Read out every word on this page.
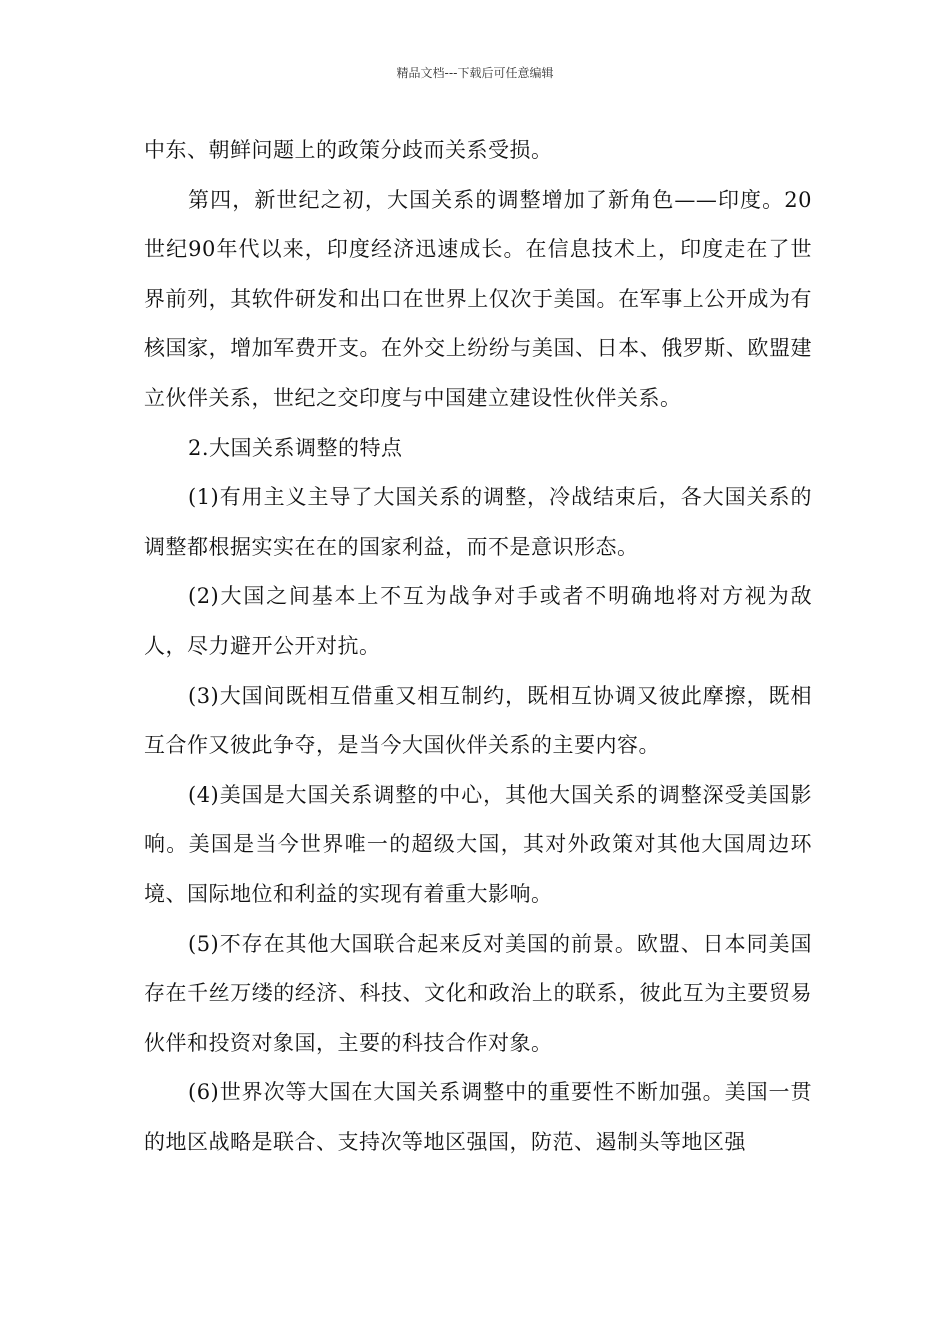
精品文档---下载后可任意编辑

中东、朝鲜问题上的政策分歧而关系受损。

第四，新世纪之初，大国关系的调整增加了新角色——印度。20世纪90年代以来，印度经济迅速成长。在信息技术上，印度走在了世界前列，其软件研发和出口在世界上仅次于美国。在军事上公开成为有核国家，增加军费开支。在外交上纷纷与美国、日本、俄罗斯、欧盟建立伙伴关系，世纪之交印度与中国建立建设性伙伴关系。

2.大国关系调整的特点

(1)有用主义主导了大国关系的调整，冷战结束后，各大国关系的调整都根据实实在在的国家利益，而不是意识形态。

(2)大国之间基本上不互为战争对手或者不明确地将对方视为敌人，尽力避开公开对抗。

(3)大国间既相互借重又相互制约，既相互协调又彼此摩擦，既相互合作又彼此争夺，是当今大国伙伴关系的主要内容。

(4)美国是大国关系调整的中心，其他大国关系的调整深受美国影响。美国是当今世界唯一的超级大国，其对外政策对其他大国周边环境、国际地位和利益的实现有着重大影响。

(5)不存在其他大国联合起来反对美国的前景。欧盟、日本同美国存在千丝万缕的经济、科技、文化和政治上的联系，彼此互为主要贸易伙伴和投资对象国，主要的科技合作对象。

(6)世界次等大国在大国关系调整中的重要性不断加强。美国一贯的地区战略是联合、支持次等地区强国，防范、遏制头等地区强
